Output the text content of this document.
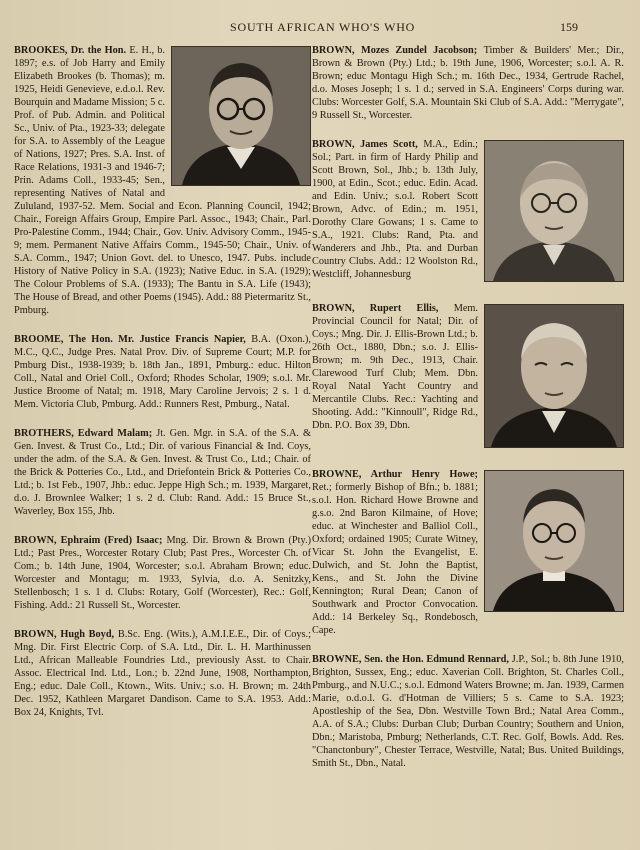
SOUTH AFRICAN WHO'S WHO	159
BROOKES, Dr. the Hon. E. H., b. 1897; e.s. of Job Harry and Emily Elizabeth Brookes (b. Thomas); m. 1925, Heidi Genevieve, e.d.o.l. Rev. Bourquin and Madame Mission; 5 c. Prof. of Pub. Admin. and Political Sc., Univ. of Pta., 1923-33; delegate for S.A. to Assembly of the League of Nations, 1927; Pres. S.A. Inst. of Race Relations, 1931-3 and 1946-7; Prin. Adams Coll., 1933-45; Sen., representing Natives of Natal and Zululand, 1937-52. Mem. Social and Econ. Planning Council, 1942; Chair., Foreign Affairs Group, Empire Parl. Assoc., 1943; Chair., Parl. Pro-Palestine Comm., 1944; Chair., Gov. Univ. Advisory Comm., 1945-9; mem. Permanent Native Affairs Comm., 1945-50; Chair., Univ. of S.A. Comm., 1947; Union Govt. del. to Unesco, 1947. Pubs. include History of Native Policy in S.A. (1923); Native Educ. in S.A. (1929); The Colour Problems of S.A. (1933); The Bantu in S.A. Life (1943); The House of Bread, and other Poems (1945). Add.: 88 Pietermaritz St., Pmburg.
BROOME, The Hon. Mr. Justice Francis Napier, B.A. (Oxon.), M.C., Q.C., Judge Pres. Natal Prov. Div. of Supreme Court; M.P. for Pmburg Dist., 1938-1939; b. 18th Jan., 1891, Pmburg.: educ. Hilton Coll., Natal and Oriel Coll., Oxford; Rhodes Scholar, 1909; s.o.l. Mr. Justice Broome of Natal; m. 1918, Mary Caroline Jervois; 2 s. 1 d. Mem. Victoria Club, Pmburg. Add.: Runners Rest, Pmburg., Natal.
BROTHERS, Edward Malam; Jt. Gen. Mgr. in S.A. of the S.A. & Gen. Invest. & Trust Co., Ltd.; Dir. of various Financial & Ind. Coys, under the adm. of the S.A. & Gen. Invest. & Trust Co., Ltd.; Chair. of the Brick & Potteries Co., Ltd., and Driefontein Brick & Potteries Co., Ltd.; b. 1st Feb., 1907, Jhb.: educ. Jeppe High Sch.; m. 1939, Margaret, d.o. J. Brownlee Walker; 1 s. 2 d. Club: Rand. Add.: 15 Bruce St., Waverley, Box 155, Jhb.
BROWN, Ephraim (Fred) Isaac; Mng. Dir. Brown & Brown (Pty.) Ltd.; Past Pres., Worcester Rotary Club; Past Pres., Worcester Ch. of Com.; b. 14th June, 1904, Worcester; s.o.l. Abraham Brown; educ. Worcester and Montagu; m. 1933, Sylvia, d.o. A. Senitzky, Stellenbosch; 1 s. 1 d. Clubs: Rotary, Golf (Worcester), Rec.: Golf, Fishing. Add.: 21 Russell St., Worcester.
BROWN, Hugh Boyd, B.Sc. Eng. (Wits.), A.M.I.E.E., Dir. of Coys.; Mng. Dir. First Electric Corp. of S.A. Ltd., Dir. L. H. Marthinussen Ltd., African Malleable Foundries Ltd., previously Asst. to Chair. Assoc. Electrical Ind. Ltd., Lon.; b. 22nd June, 1908, Northampton, Eng.; educ. Dale Coll., Ktown., Wits. Univ.; s.o. H. Brown; m. 24th Dec. 1952, Kathleen Margaret Dandison. Came to S.A. 1953. Add.: Box 24, Knights, Tvl.
BROWN, Mozes Zundel Jacobson; Timber & Builders' Mer.; Dir., Brown & Brown (Pty.) Ltd.; b. 19th June, 1906, Worcester; s.o.l. A. R. Brown; educ Montagu High Sch.; m. 16th Dec., 1934, Gertrude Rachel, d.o. Moses Joseph; 1 s. 1 d.; served in S.A. Engineers' Corps during war. Clubs: Worcester Golf, S.A. Mountain Ski Club of S.A. Add.: "Merrygate", 9 Russell St., Worcester.
BROWN, James Scott, M.A., Edin.; Sol.; Part. in firm of Hardy Philip and Scott Brown, Sol., Jhb.; b. 13th July, 1900, at Edin., Scot.; educ. Edin. Acad. and Edin. Univ.; s.o.l. Robert Scott Brown, Advc. of Edin.; m. 1951, Dorothy Clare Gowans; 1 s. Came to S.A., 1921. Clubs: Rand, Pta. and Wanderers and Jhb., Pta. and Durban Country Clubs. Add.: 12 Woolston Rd., Westcliff, Johannesburg
BROWN, Rupert Ellis, Mem. Provincial Council for Natal; Dir. of Coys.; Mng. Dir. J. Ellis-Brown Ltd.; b. 26th Oct., 1880, Dbn.; s.o. J. Ellis-Brown; m. 9th Dec., 1913, Chair. Clarewood Turf Club; Mem. Dbn. Royal Natal Yacht Country and Mercantile Clubs. Rec.: Yachting and Shooting. Add.: "Kinnoull", Ridge Rd., Dbn. P.O. Box 39, Dbn.
BROWNE, Arthur Henry Howe; Ret.; formerly Bishop of Bfn.; b. 1881; s.o.l. Hon. Richard Howe Browne and g.s.o. 2nd Baron Kilmaine, of Hove; educ. at Winchester and Balliol Coll., Oxford; ordained 1905; Curate Witney, Vicar St. John the Evangelist, E. Dulwich, and St. John the Baptist, Kens., and St. John the Divine Kennington; Rural Dean; Canon of Southwark and Proctor Convocation. Add.: 14 Berkeley Sq., Rondebosch, Cape.
BROWNE, Sen. the Hon. Edmund Rennard, J.P., Sol.; b. 8th June 1910, Brighton, Sussex, Eng.; educ. Xaverian Coll. Brighton, St. Charles Coll., Pmburg., and N.U.C.; s.o.l. Edmond Waters Browne; m. Jan. 1939, Carmen Marie, o.d.o.l. G. d'Hotman de Villiers; 5 s. Came to S.A. 1923; Apostleship of the Sea, Dbn. Westville Town Brd.; Natal Area Comm., A.A. of S.A.; Clubs: Durban Club; Durban Country; Southern and Union, Dbn.; Maristoba, Pmburg; Netherlands, C.T. Rec. Golf, Bowls. Add. Res. "Chanctonbury", Chester Terrace, Westville, Natal; Bus. United Buildings, Smith St., Dbn., Natal.
